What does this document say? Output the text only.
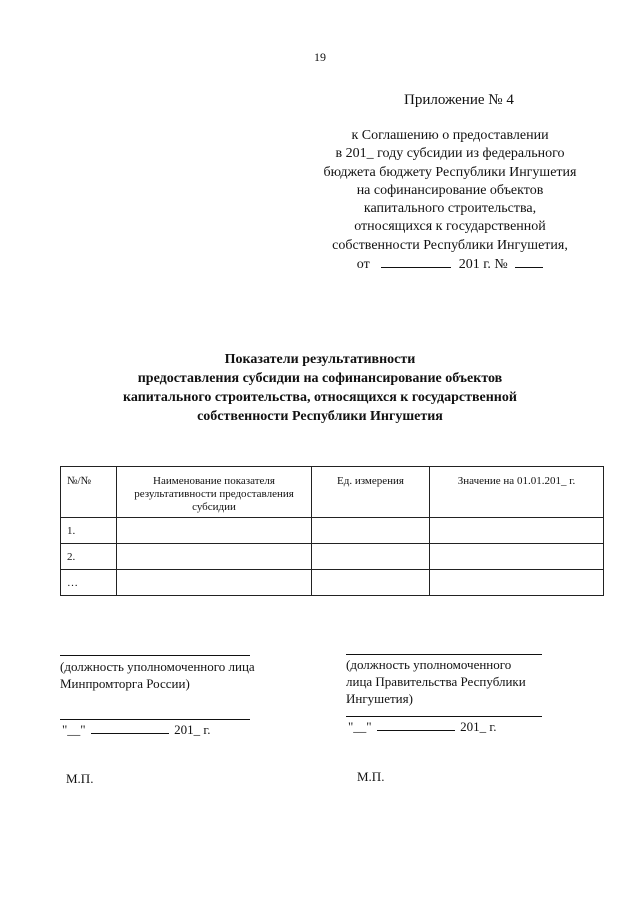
19
Приложение № 4
к Соглашению о предоставлении
в 201_ году субсидии из федерального
бюджета бюджету Республики Ингушетия
на софинансирование объектов
капитального строительства,
относящихся к государственной
собственности Республики Ингушетия,
от	201 г. №
Показатели результативности
предоставления субсидии на софинансирование объектов
капитального строительства, относящихся к государственной
собственности Республики Ингушетия
№/№	Наименование показателя результативности предоставления субсидии	Ед. измерения	Значение на 01.01.201_ г.
1.			
2.			
…			
(должность уполномоченного лица
Минпромторга России)
"__"	201_ г.
М.П.
(должность уполномоченного
лица Правительства Республики
Ингушетия)
"__"	201_ г.
М.П.
